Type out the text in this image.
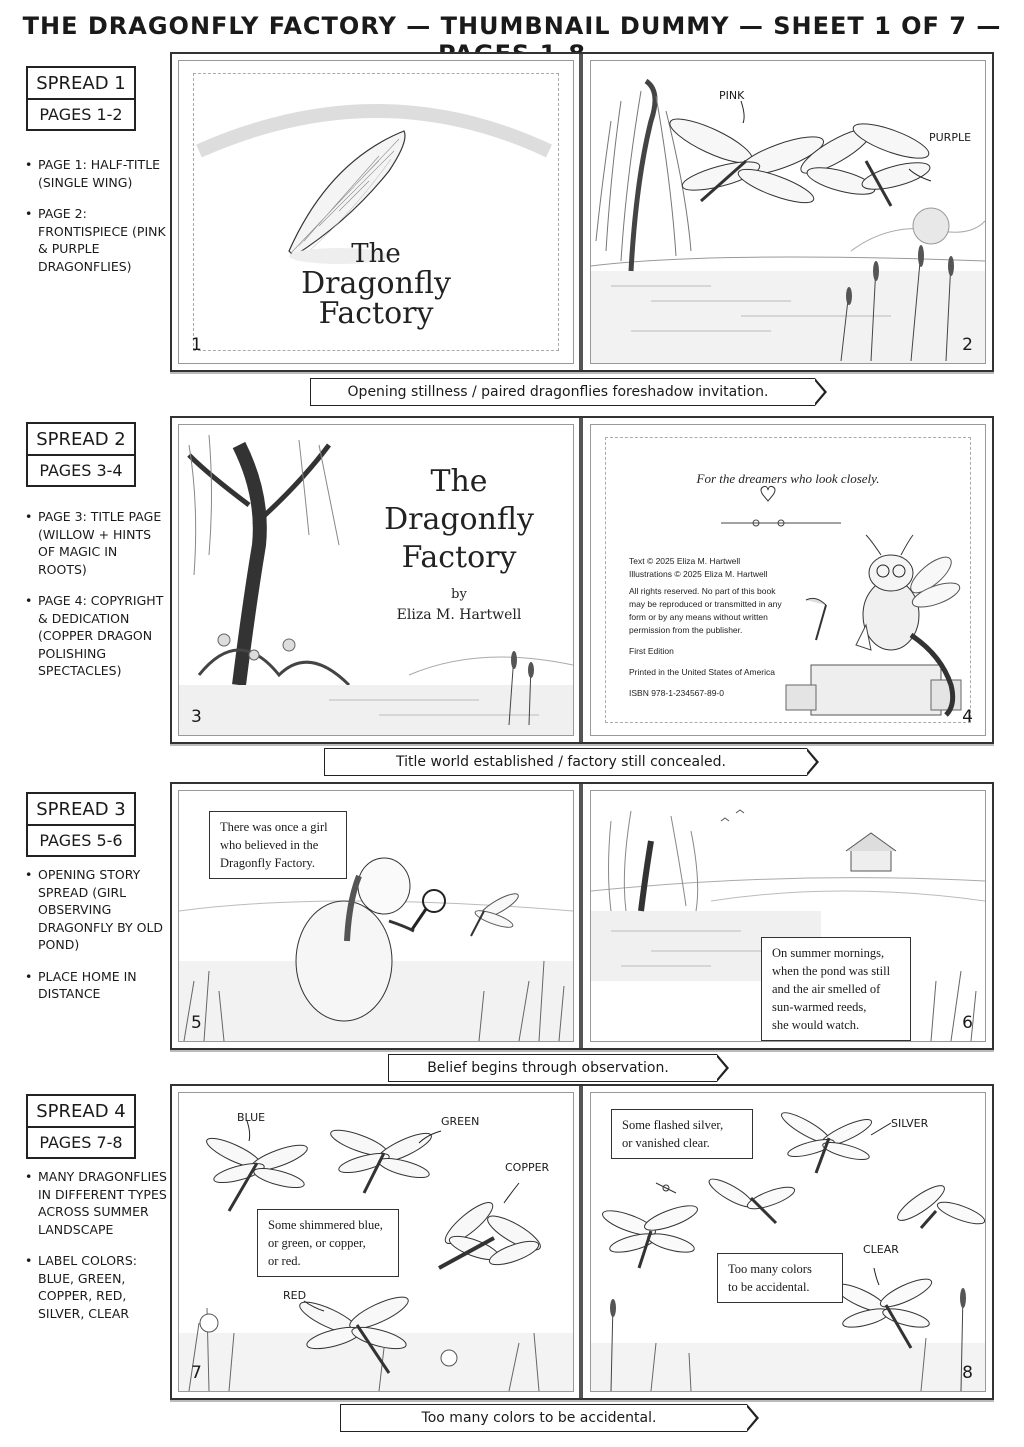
THE DRAGONFLY FACTORY — THUMBNAIL DUMMY — SHEET 1 OF 7 —
SPREAD 1
PAGES 1-2
• PAGE 1: HALF-TITLE (SINGLE WING)
• PAGE 2: FRONTISPIECE (PINK & PURPLE DRAGONFLIES)	The
Dragonfly
Factory
1
PINK
PURPLE
2
Opening stillness / paired dragonflies foreshadow invitation.
SPREAD 2
PAGES 3-4
• PAGE 3: TITLE PAGE (WILLOW + HINTS OF MAGIC IN ROOTS)
• PAGE 4: COPYRIGHT & DEDICATION (COPPER DRAGON POLISHING SPECTACLES)
The
Dragonfly
Factory
by
Eliza M. Hartwell
3
For the dreamers who look closely.
Text © 2025 Eliza M. Hartwell
Illustrations © 2025 Eliza M. Hartwell
All rights reserved. No part of this book
may be reproduced or transmitted in any
form or by any means without written
permission from the publisher.
First Edition
Printed in the United States of America
ISBN 978-1-234567-89-0
4
Title world established / factory still concealed.
SPREAD 3
PAGES 5-6
• OPENING STORY SPREAD (GIRL OBSERVING DRAGONFLY BY OLD POND)
• PLACE HOME IN DISTANCE
There was once a girl
who believed in the
Dragonfly Factory.
5
On summer mornings,
when the pond was still
and the air smelled of
sun-warmed reeds,
she would watch.	6
Belief begins through observation.
SPREAD 4
PAGES 7-8
• MANY DRAGONFLIES IN DIFFERENT TYPES ACROSS SUMMER LANDSCAPE
• LABEL COLORS: BLUE, GREEN, COPPER, RED, SILVER, CLEAR
BLUE	GREEN
COPPER
RED
Some shimmered blue,
or green, or copper,
or red.
7
SILVER
CLEAR
Some flashed silver,
or vanished clear.
Too many colors
to be accidental.
8
Too many colors to be accidental.
